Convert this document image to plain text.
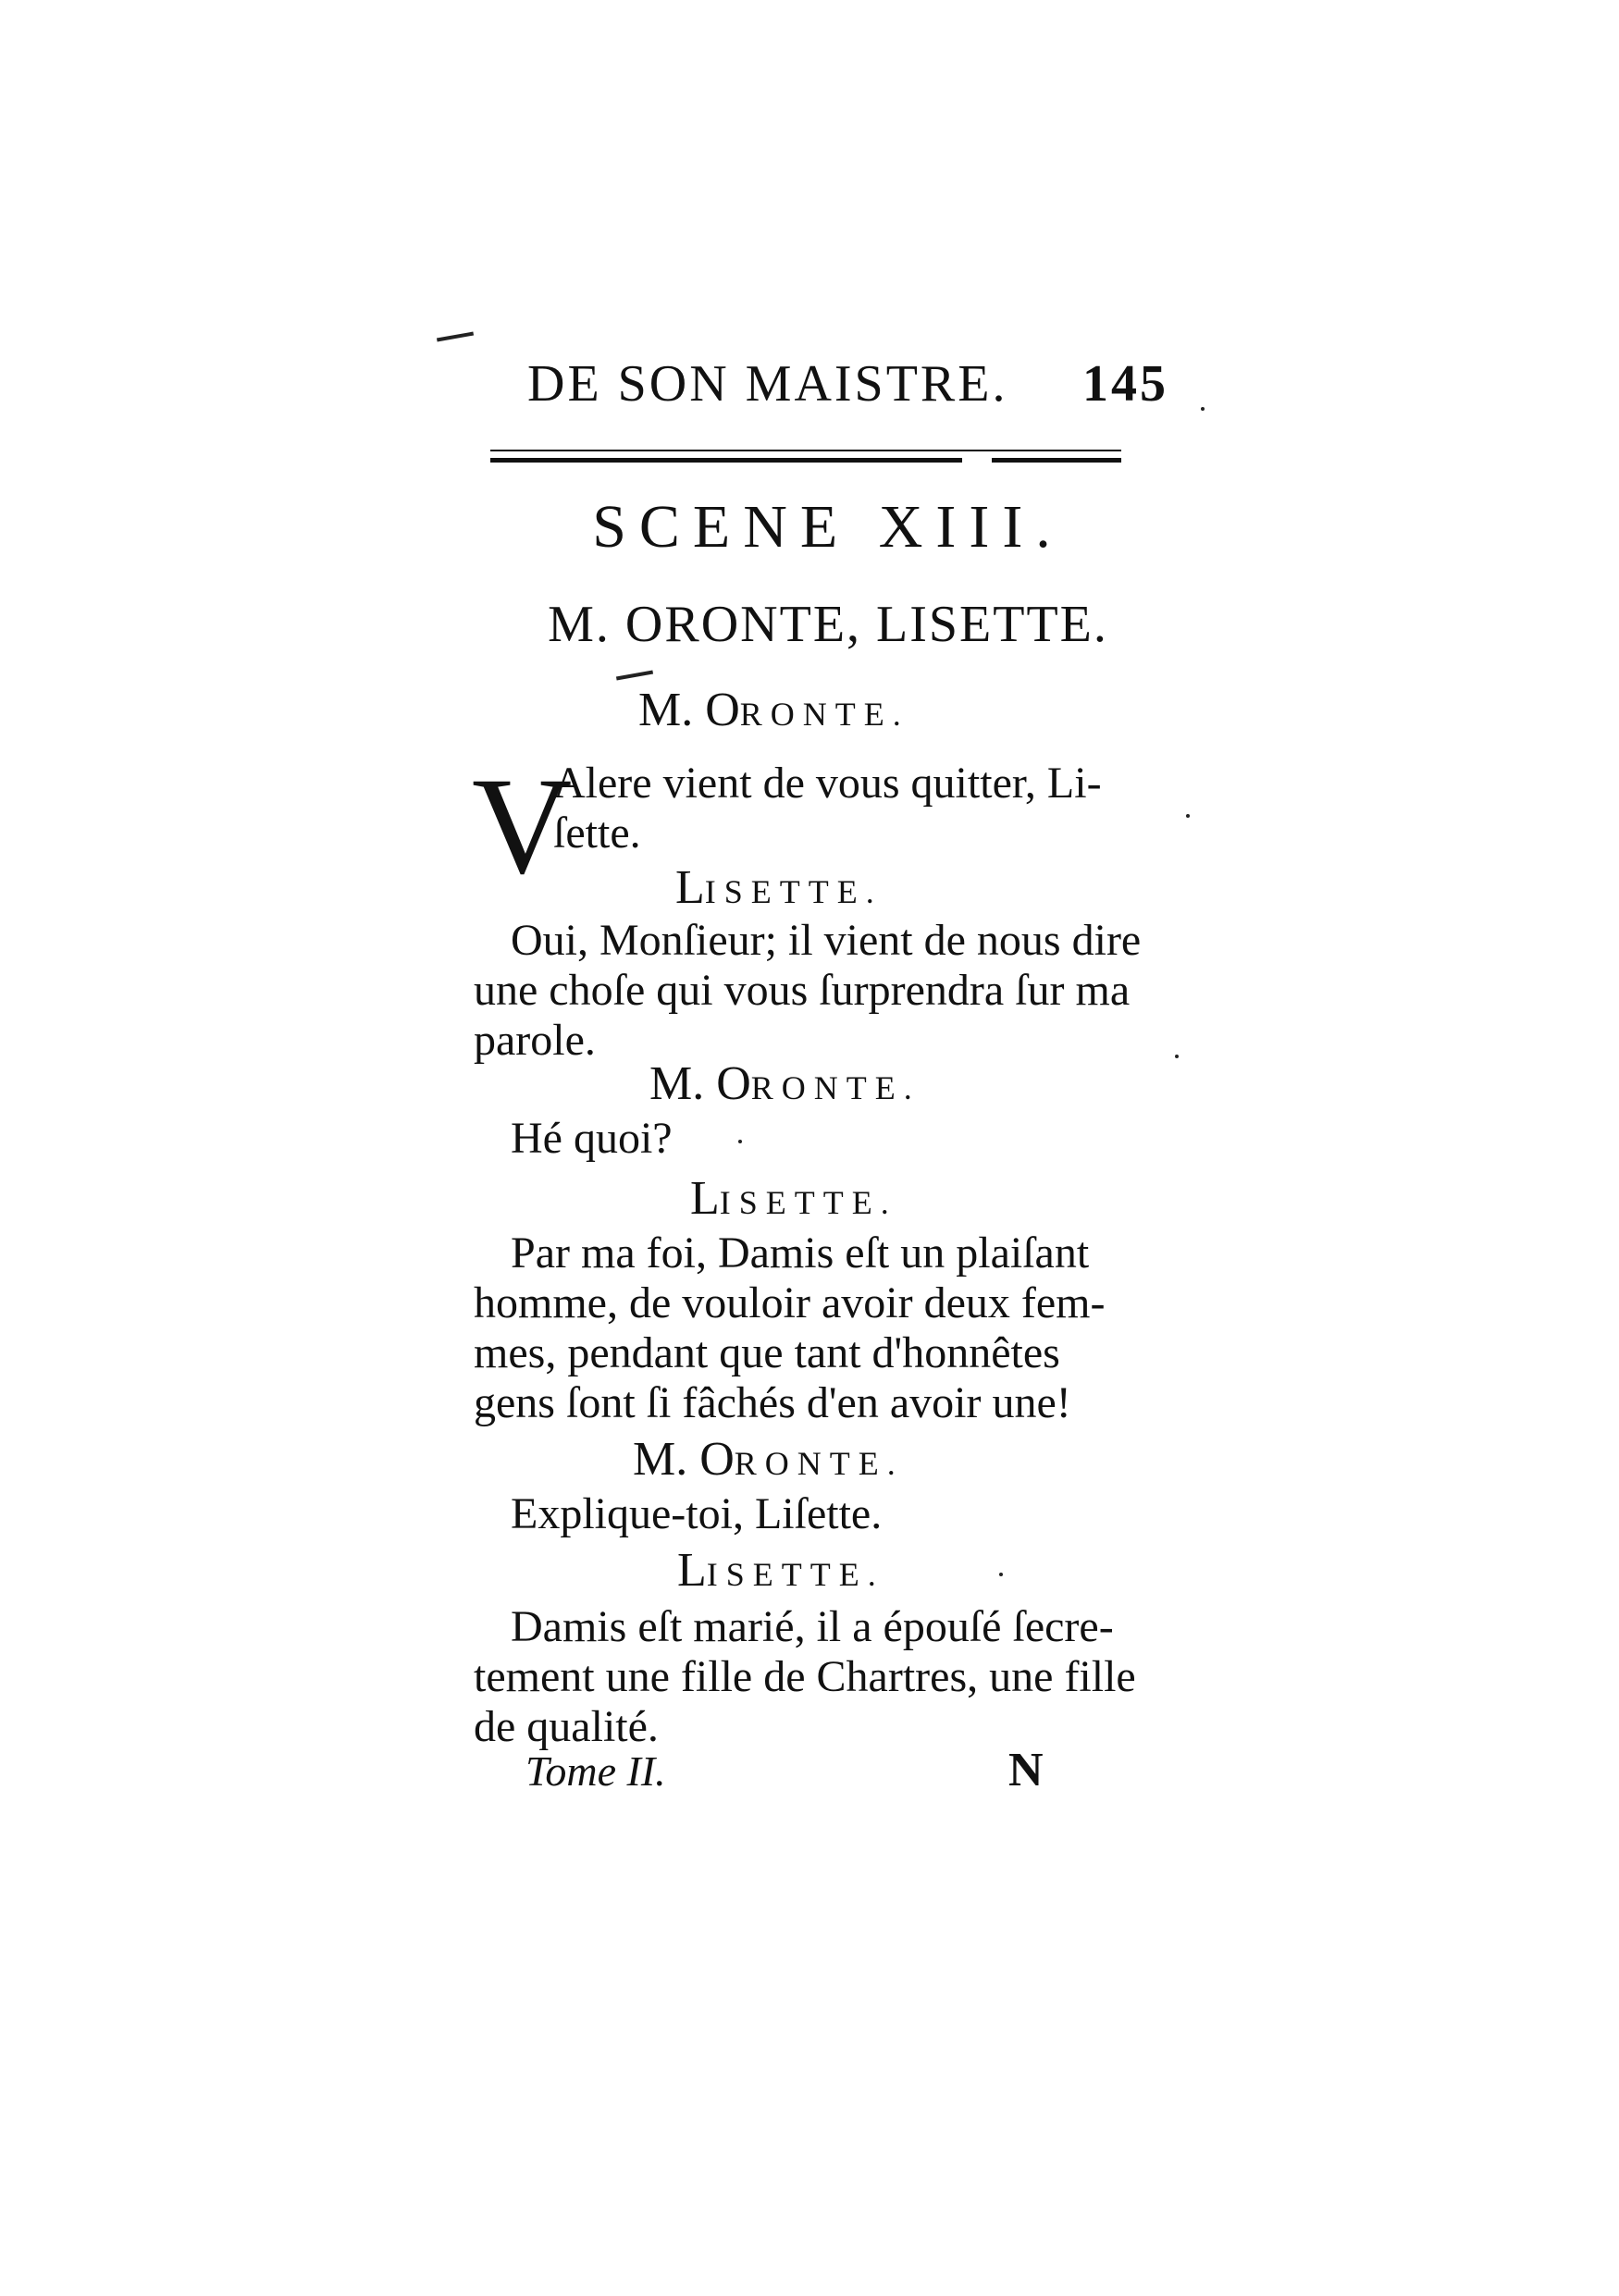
DE SON MAISTRE. 145
SCENE XIII.
M. ORONTE, LISETTE.
M. ORONTE.
V
Alere vient de vous quitter, Li-
ſette.
LISETTE.
Oui, Monſieur; il vient de nous dire
une choſe qui vous ſurprendra ſur ma
parole.
M. ORONTE.
Hé quoi?
LISETTE.
Par ma foi, Damis eſt un plaiſant
homme, de vouloir avoir deux fem-
mes, pendant que tant d'honnêtes
gens ſont ſi fâchés d'en avoir une!
M. ORONTE.
Explique-toi, Liſette.
LISETTE.
Damis eſt marié, il a épouſé ſecre-
tement une fille de Chartres, une fille
de qualité.
Tome II.	N
